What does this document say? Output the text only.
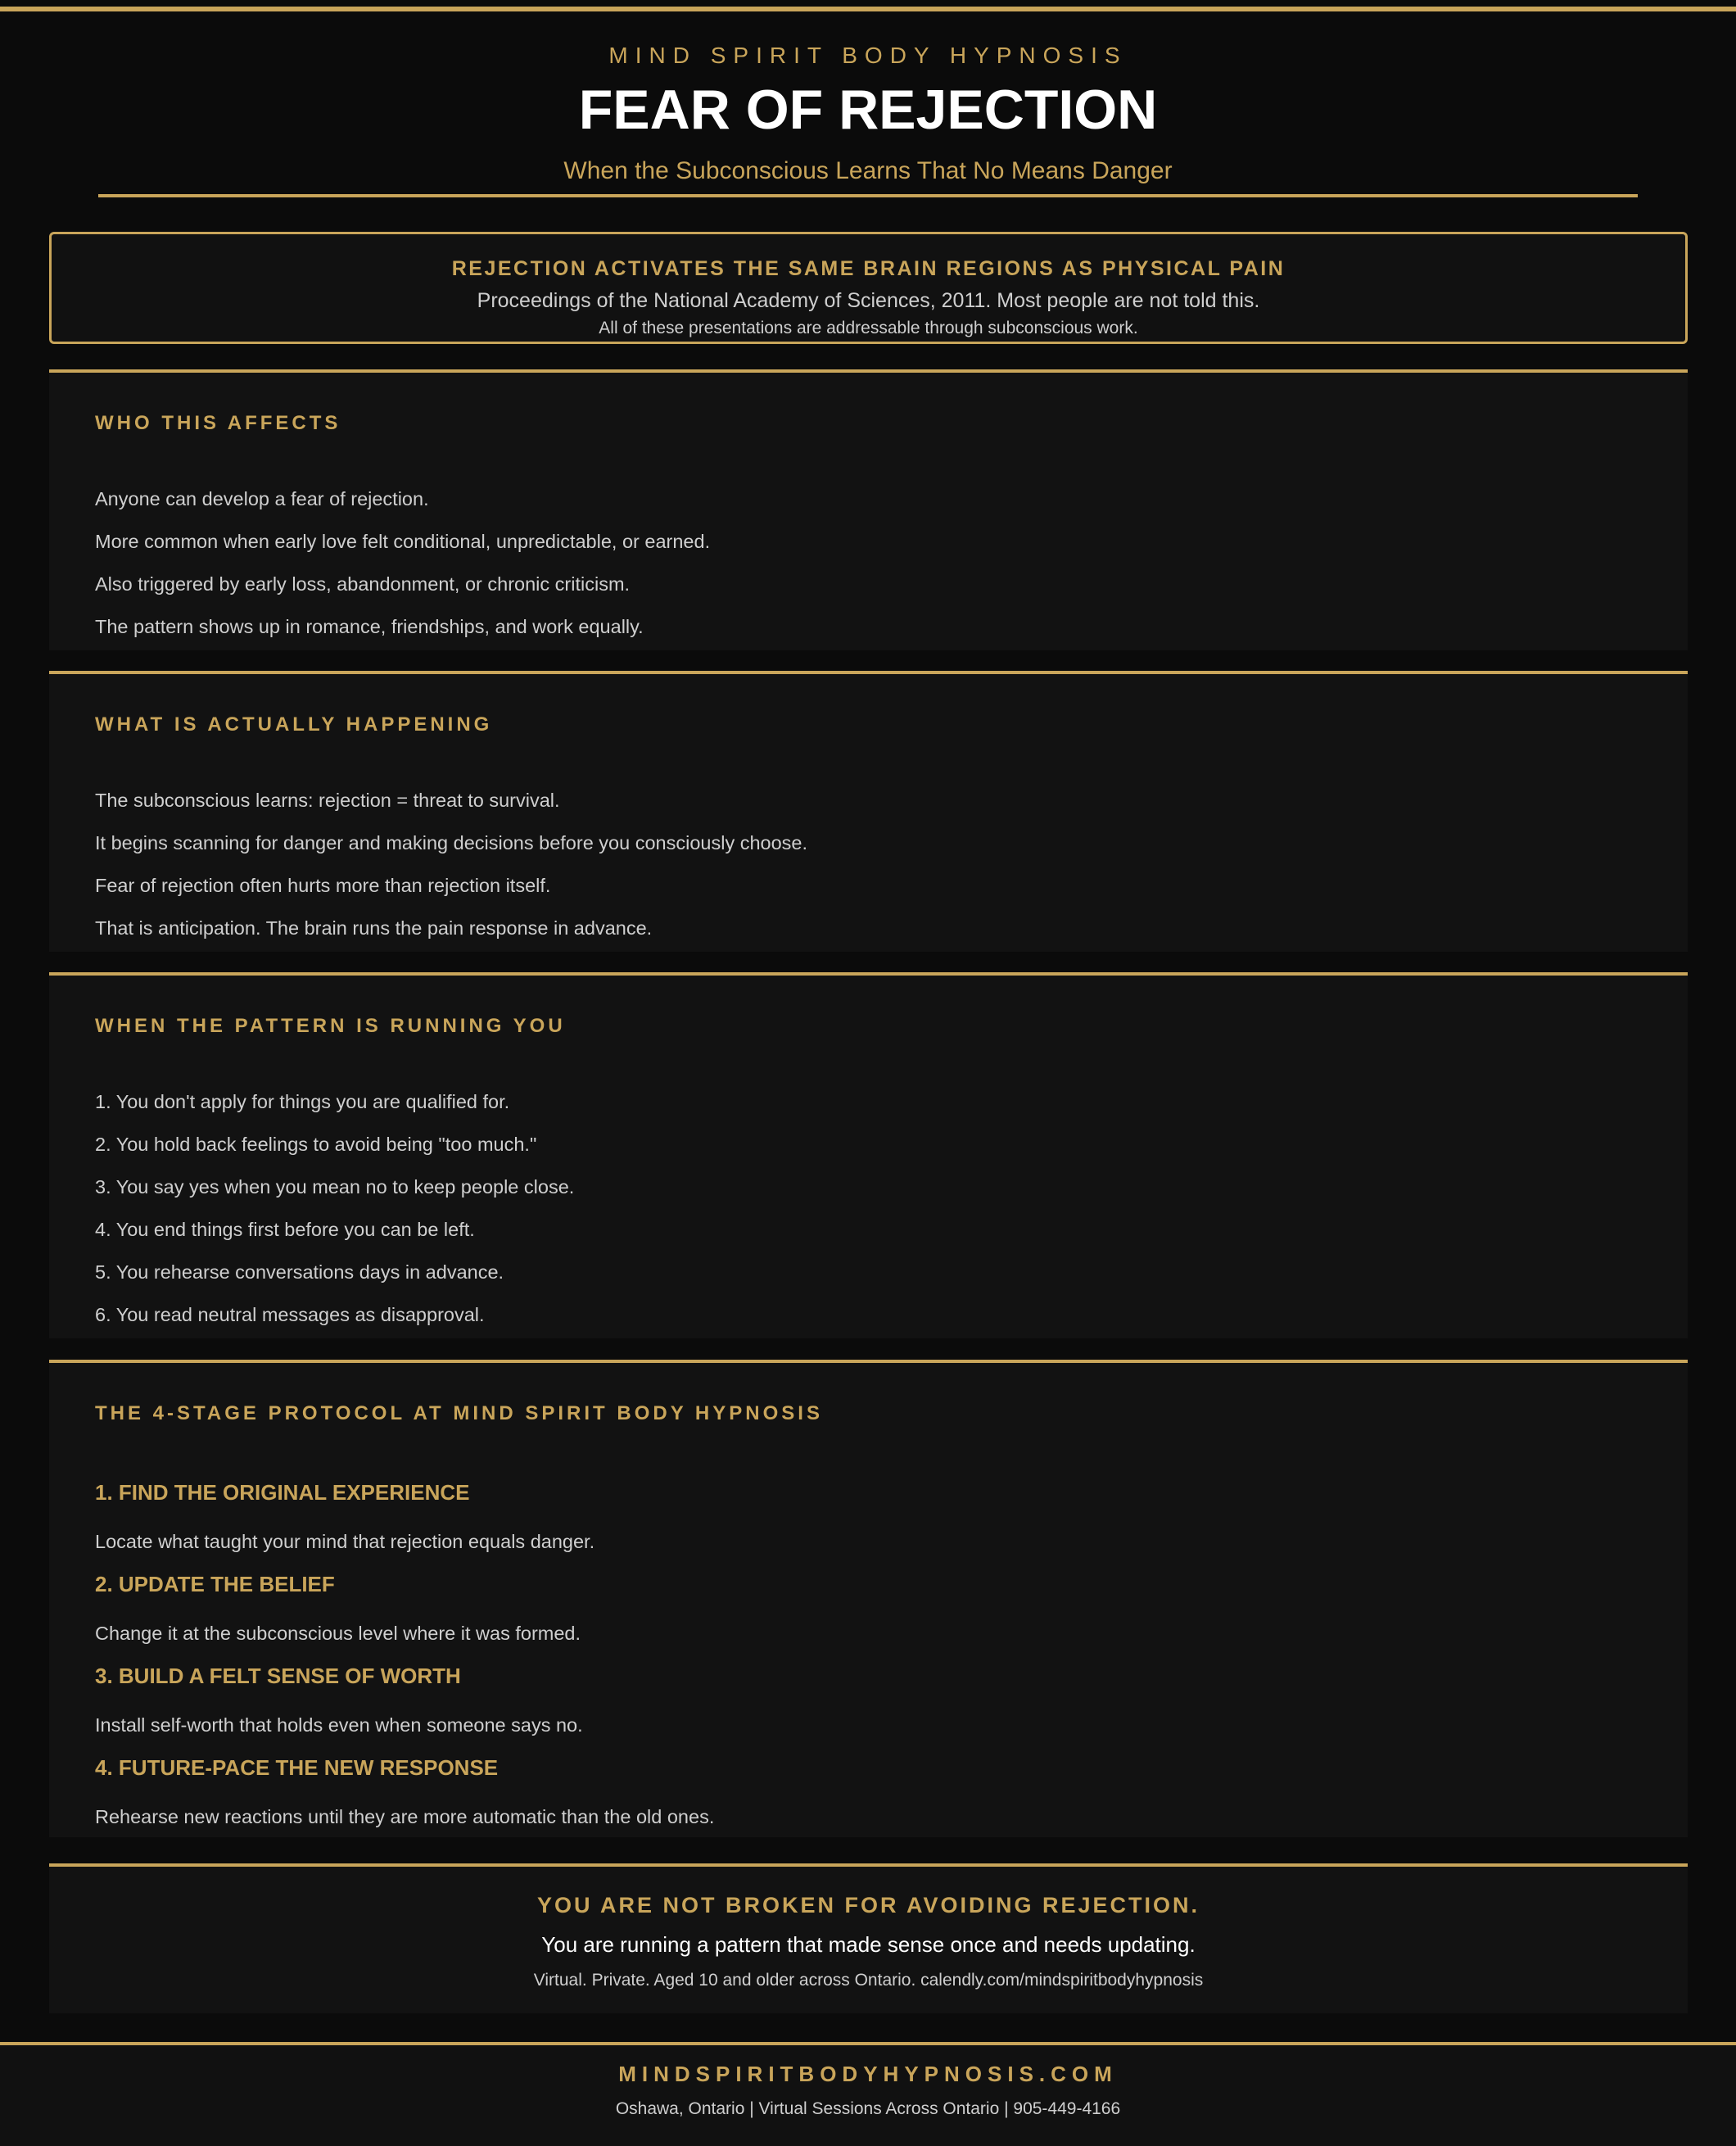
MIND SPIRIT BODY HYPNOSIS
FEAR OF REJECTION
When the Subconscious Learns That No Means Danger
REJECTION ACTIVATES THE SAME BRAIN REGIONS AS PHYSICAL PAIN
Proceedings of the National Academy of Sciences, 2011. Most people are not told this.
All of these presentations are addressable through subconscious work.
WHO THIS AFFECTS
Anyone can develop a fear of rejection.
More common when early love felt conditional, unpredictable, or earned.
Also triggered by early loss, abandonment, or chronic criticism.
The pattern shows up in romance, friendships, and work equally.
WHAT IS ACTUALLY HAPPENING
The subconscious learns: rejection = threat to survival.
It begins scanning for danger and making decisions before you consciously choose.
Fear of rejection often hurts more than rejection itself.
That is anticipation. The brain runs the pain response in advance.
WHEN THE PATTERN IS RUNNING YOU
1. You don't apply for things you are qualified for.
2. You hold back feelings to avoid being "too much."
3. You say yes when you mean no to keep people close.
4. You end things first before you can be left.
5. You rehearse conversations days in advance.
6. You read neutral messages as disapproval.
THE 4-STAGE PROTOCOL AT MIND SPIRIT BODY HYPNOSIS
1. FIND THE ORIGINAL EXPERIENCE
Locate what taught your mind that rejection equals danger.
2. UPDATE THE BELIEF
Change it at the subconscious level where it was formed.
3. BUILD A FELT SENSE OF WORTH
Install self-worth that holds even when someone says no.
4. FUTURE-PACE THE NEW RESPONSE
Rehearse new reactions until they are more automatic than the old ones.
YOU ARE NOT BROKEN FOR AVOIDING REJECTION.
You are running a pattern that made sense once and needs updating.
Virtual. Private. Aged 10 and older across Ontario. calendly.com/mindspiritbodyhypnosis
MINDSPIRITBODYHYPNOSIS.COM
Oshawa, Ontario | Virtual Sessions Across Ontario | 905-449-4166
